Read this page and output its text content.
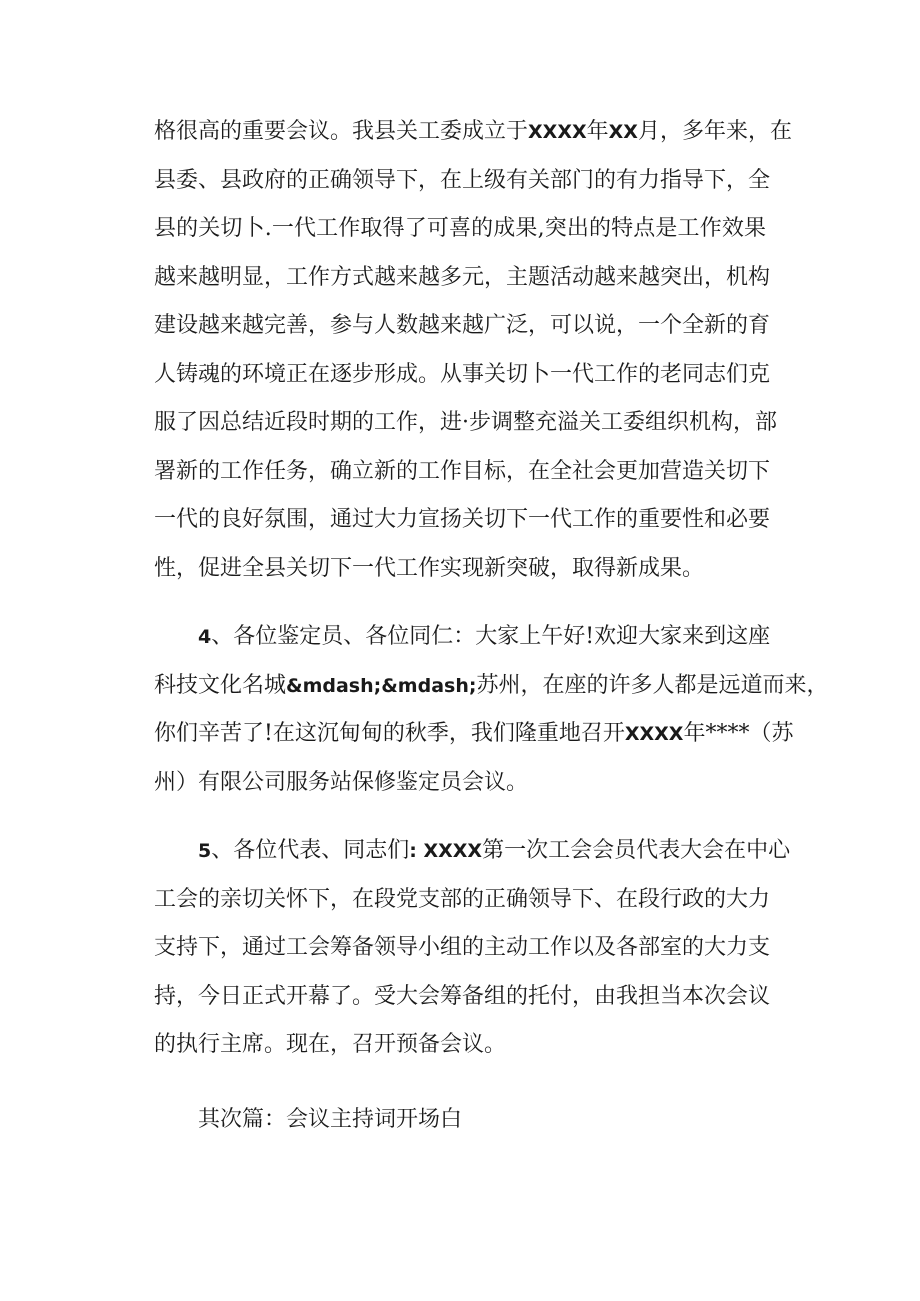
格很高的重要会议。我县关工委成立于XXXX年XX月，多年来，在
县委、县政府的正确领导下，在上级有关部门的有力指导下，全
县的关切卜.一代工作取得了可喜的成果,突出的特点是工作效果
越来越明显，工作方式越来越多元，主题活动越来越突出，机构
建设越来越完善，参与人数越来越广泛，可以说，一个全新的育
人铸魂的环境正在逐步形成。从事关切卜一代工作的老同志们克
服了因总结近段时期的工作，进·步调整充溢关工委组织机构，部
署新的工作任务，确立新的工作目标，在全社会更加营造关切下
一代的良好氛围，通过大力宣扬关切下一代工作的重要性和必要
性，促进全县关切下一代工作实现新突破，取得新成果。

4、各位鉴定员、各位同仁：大家上午好!欢迎大家来到这座
科技文化名城&mdash;&mdash;苏州，在座的许多人都是远道而来，
你们辛苦了!在这沉甸甸的秋季，我们隆重地召开XXXX年****（苏
州）有限公司服务站保修鉴定员会议。

5、各位代表、同志们: XXXX第一次工会会员代表大会在中心
工会的亲切关怀下，在段党支部的正确领导下、在段行政的大力
支持下，通过工会筹备领导小组的主动工作以及各部室的大力支
持，今日正式开幕了。受大会筹备组的托付，由我担当本次会议
的执行主席。现在，召开预备会议。

其次篇：会议主持词开场白
